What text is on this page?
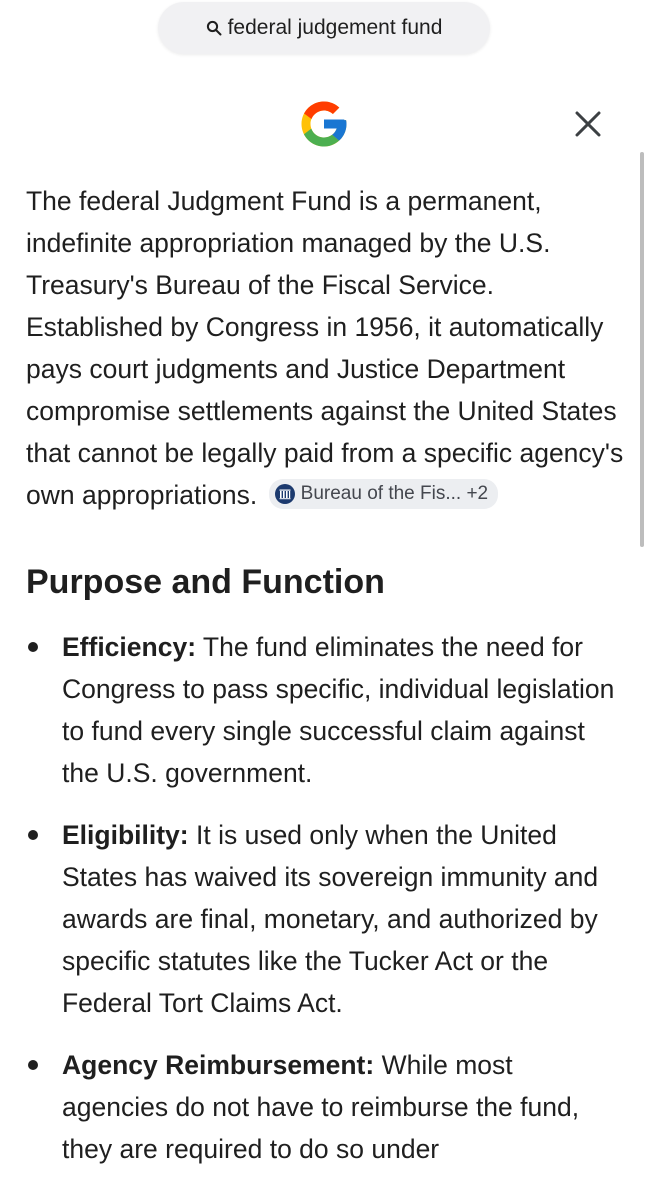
federal judgement fund

The federal Judgment Fund is a permanent, indefinite appropriation managed by the U.S. Treasury's Bureau of the Fiscal Service. Established by Congress in 1956, it automatically pays court judgments and Justice Department compromise settlements against the United States that cannot be legally paid from a specific agency's own appropriations. Bureau of the Fis... +2

Purpose and Function
Efficiency: The fund eliminates the need for Congress to pass specific, individual legislation to fund every single successful claim against the U.S. government.
Eligibility: It is used only when the United States has waived its sovereign immunity and awards are final, monetary, and authorized by specific statutes like the Tucker Act or the Federal Tort Claims Act.
Agency Reimbursement: While most agencies do not have to reimburse the fund, they are required to do so under
